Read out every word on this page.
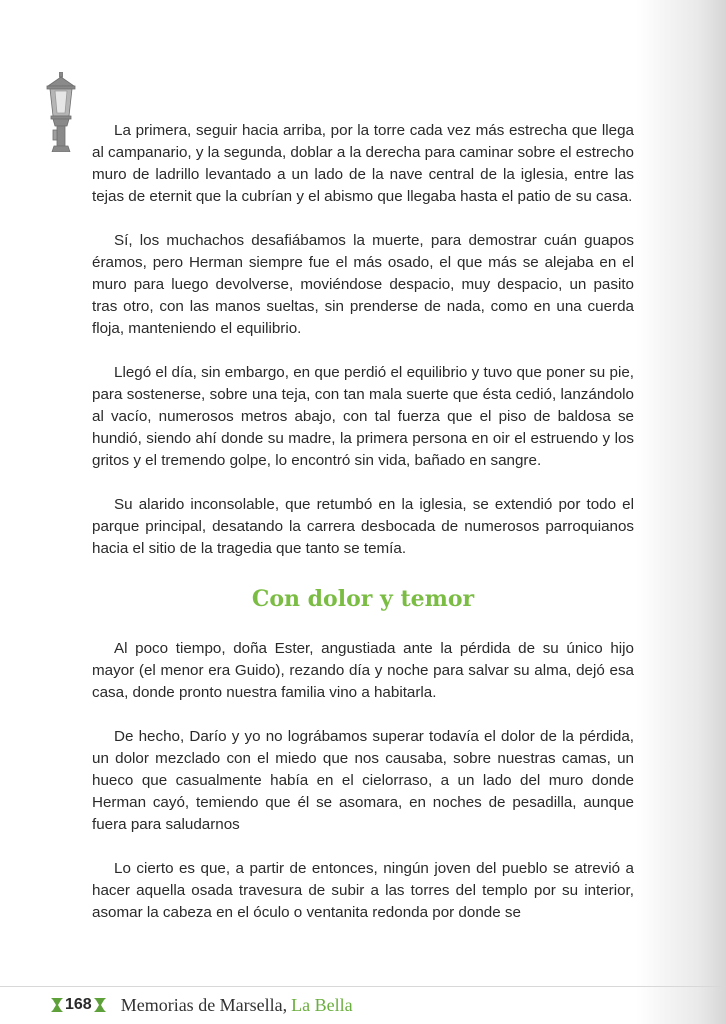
La primera, seguir hacia arriba, por la torre cada vez más estrecha que llega al campanario, y la segunda, doblar a la derecha para caminar sobre el estrecho muro de ladrillo levantado a un lado de la nave central de la iglesia, entre las tejas de eternit que la cubrían y el abismo que llegaba hasta el patio de su casa.

Sí, los muchachos desafiábamos la muerte, para demostrar cuán guapos éramos, pero Herman siempre fue el más osado, el que más se alejaba en el muro para luego devolverse, moviéndose despacio, muy despacio, un pasito tras otro, con las manos sueltas, sin prenderse de nada, como en una cuerda floja, manteniendo el equilibrio.

Llegó el día, sin embargo, en que perdió el equilibrio y tuvo que poner su pie, para sostenerse, sobre una teja, con tan mala suerte que ésta cedió, lanzándolo al vacío, numerosos metros abajo, con tal fuerza que el piso de baldosa se hundió, siendo ahí donde su madre, la primera persona en oir el estruendo y los gritos y el tremendo golpe, lo encontró sin vida, bañado en sangre.

Su alarido inconsolable, que retumbó en la iglesia, se extendió por todo el parque principal, desatando la carrera desbocada de numerosos parroquianos hacia el sitio de la tragedia que tanto se temía.

Con dolor y temor

Al poco tiempo, doña Ester, angustiada ante la pérdida de su único hijo mayor (el menor era Guido), rezando día y noche para salvar su alma, dejó esa casa, donde pronto nuestra familia vino a habitarla.

De hecho, Darío y yo no lográbamos superar todavía el dolor de la pérdida, un dolor mezclado con el miedo que nos causaba, sobre nuestras camas, un hueco que casualmente había en el cielorraso, a un lado del muro donde Herman cayó, temiendo que él se asomara, en noches de pesadilla, aunque fuera para saludarnos

Lo cierto es que, a partir de entonces, ningún joven del pueblo se atrevió a hacer aquella osada travesura de subir a las torres del templo por su interior, asomar la cabeza en el óculo o ventanita redonda por donde se

168 Memorias de Marsella, La Bella
